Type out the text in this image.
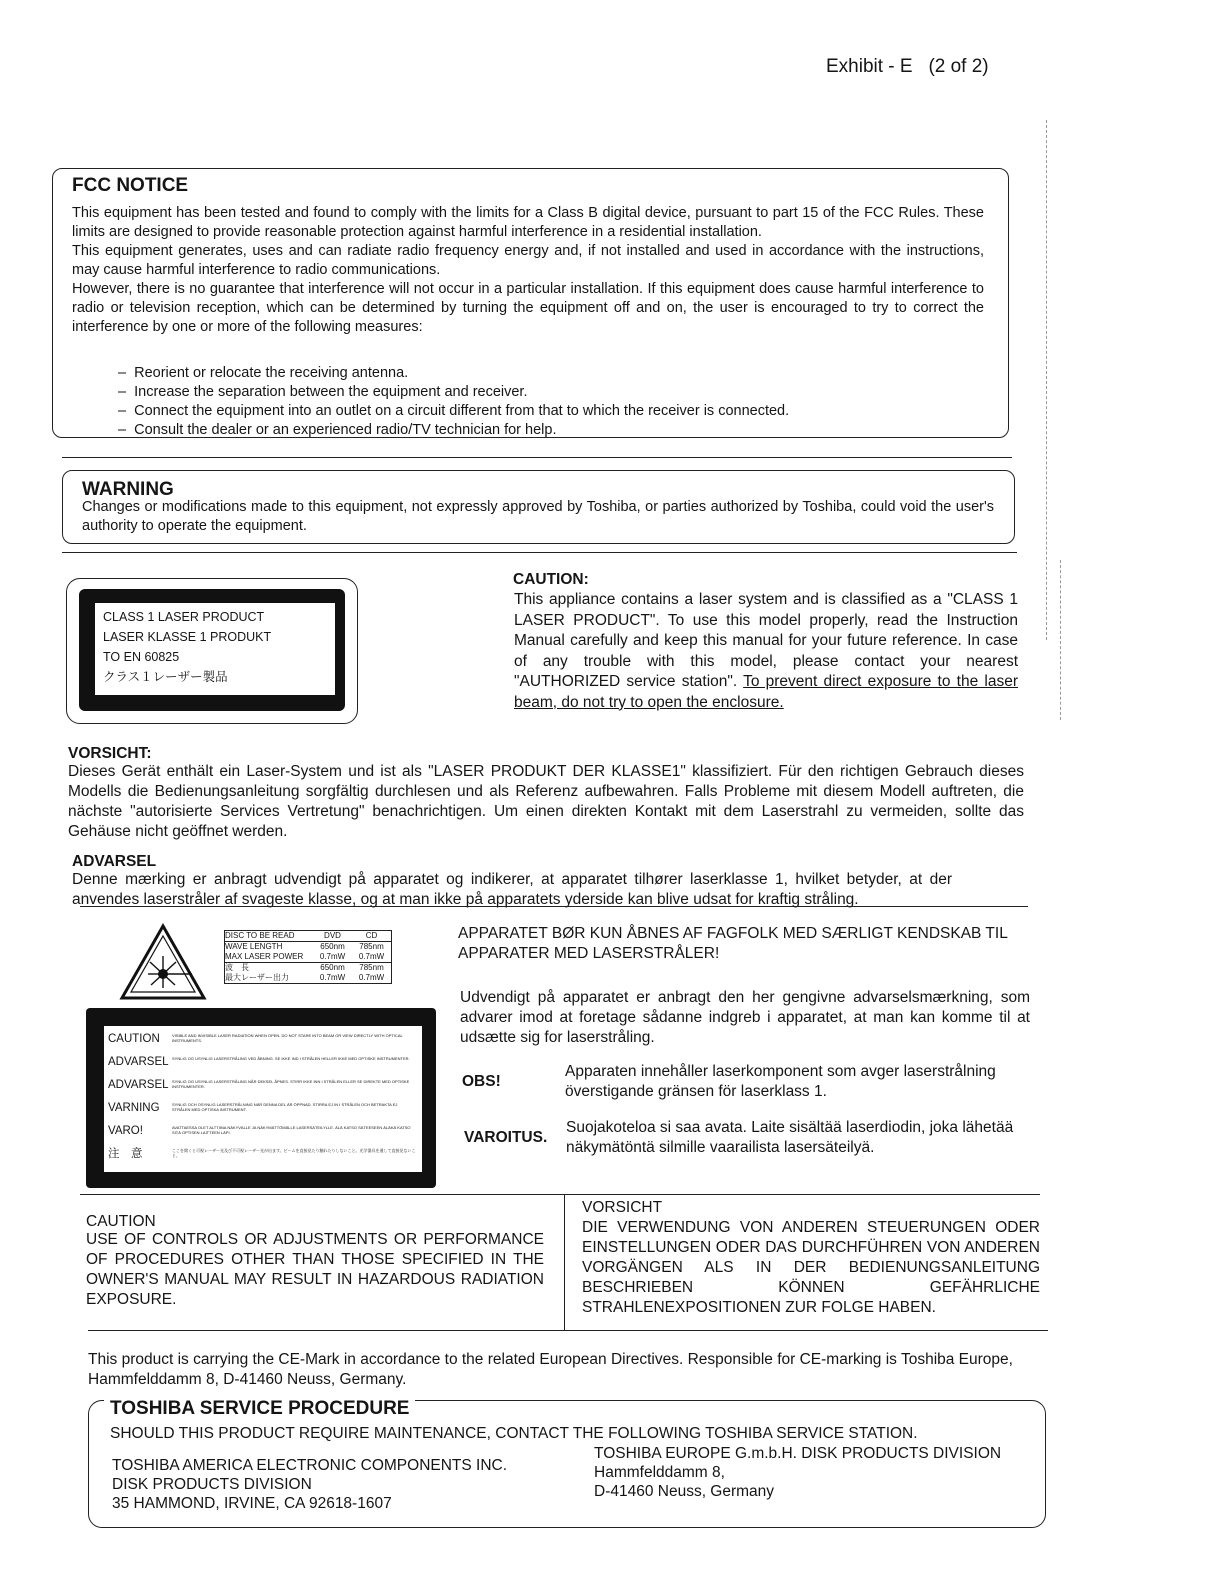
Exhibit - E (2 of 2)
FCC NOTICE
This equipment has been tested and found to comply with the limits for a Class B digital device, pursuant to part 15 of the FCC Rules. These limits are designed to provide reasonable protection against harmful interference in a residential installation.
This equipment generates, uses and can radiate radio frequency energy and, if not installed and used in accordance with the instructions, may cause harmful interference to radio communications.
However, there is no guarantee that interference will not occur in a particular installation. If this equipment does cause harmful interference to radio or television reception, which can be determined by turning the equipment off and on, the user is encouraged to try to correct the interference by one or more of the following measures:
–  Reorient or relocate the receiving antenna.
–  Increase the separation between the equipment and receiver.
–  Connect the equipment into an outlet on a circuit different from that to which the receiver is connected.
–  Consult the dealer or an experienced radio/TV technician for help.
WARNING
Changes or modifications made to this equipment, not expressly approved by Toshiba, or parties authorized by Toshiba, could void the user's authority to operate the equipment.
CLASS 1 LASER PRODUCT
LASER KLASSE 1 PRODUKT
TO EN 60825
クラス１レーザー製品
CAUTION:
This appliance contains a laser system and is classified as a "CLASS 1 LASER PRODUCT". To use this model properly, read the Instruction Manual carefully and keep this manual for your future reference. In case of any trouble with this model, please contact your nearest "AUTHORIZED service station". To prevent direct exposure to the laser beam, do not try to open the enclosure.
VORSICHT:
Dieses Gerät enthält ein Laser-System und ist als "LASER PRODUKT DER KLASSE1" klassifiziert. Für den richtigen Gebrauch dieses Modells die Bedienungsanleitung sorgfältig durchlesen und als Referenz aufbewahren. Falls Probleme mit diesem Modell auftreten, die nächste "autorisierte Services Vertretung" benachrichtigen. Um einen direkten Kontakt mit dem Laserstrahl zu vermeiden, sollte das Gehäuse nicht geöffnet werden.
ADVARSEL
Denne mærking er anbragt udvendigt på apparatet og indikerer, at apparatet tilhører laserklasse 1, hvilket betyder, at der anvendes laserstråler af svageste klasse, og at man ikke på apparatets yderside kan blive udsat for kraftig stråling.
DISC TO BE READ	DVD	CD
WAVE LENGTH	650nm	785nm
MAX LASER POWER	0.7mW	0.7mW
波　長	650nm	785nm
最大レーザー出力	0.7mW	0.7mW
CAUTION	VISIBLE AND INVISIBLE LASER RADIATION WHEN OPEN. DO NOT STARE INTO BEAM OR VIEW DIRECTLY WITH OPTICAL INSTRUMENTS.
ADVARSEL SYNLIG OG USYNLIG LASERSTRÅLING VED ÅBNING. SE IKKE IND I STRÅLEN HELLER IKKE MED OPTISKE INSTRUMENTER.
ADVARSEL SYNLIG OG USYNLIG LASERSTRÅLING NÅR DEKSEL ÅPNES. STIRR IKKE INN I STRÅLEN ELLER SE DIREKTE MED OPTISKE INSTRUMENTER.
VARNING	SYNLIG OCH OSYNLIG LASERSTRÅLNING NÄR DENNA DEL ÄR ÖPPNAD. STIRRA EJ IN I STRÅLEN OCH BETRAKTA EJ STRÅLEN MED OPTISKA INSTRUMENT.
VARO!	AVATTAESSA OLET ALTTIINA NÄKYVÄLLE JA NÄKYMÄTTÖMÄLLE LASERSÄTEILYLLE. ÄLÄ KATSO SÄTEESEEN ÄLÄKÄ KATSO SITÄ OPTISEN LAITTEEN LÄPI.
注　意	ここを開くと可視レーザー光及び不可視レーザー光が出ます。ビームを直接見たり触れたりしないこと。光学器具を通して直接見ないこと。
APPARATET BØR KUN ÅBNES AF FAGFOLK MED SÆRLIGT KENDSKAB TIL APPARATER MED LASERSTRÅLER!
Udvendigt på apparatet er anbragt den her gengivne advarselsmærkning, som advarer imod at foretage sådanne indgreb i apparatet, at man kan komme til at udsætte sig for laserstråling.
OBS!
Apparaten innehåller laserkomponent som avger laserstrålning överstigande gränsen för laserklass 1.
VAROITUS.
Suojakoteloa si saa avata. Laite sisältää laserdiodin, joka lähetää näkymätöntä silmille vaarailista lasersäteilyä.
CAUTION
USE OF CONTROLS OR ADJUSTMENTS OR PERFORMANCE OF PROCEDURES OTHER THAN THOSE SPECIFIED IN THE OWNER'S MANUAL MAY RESULT IN HAZARDOUS RADIATION EXPOSURE.
VORSICHT
DIE VERWENDUNG VON ANDEREN STEUERUNGEN ODER EINSTELLUNGEN ODER DAS DURCHFÜHREN VON ANDEREN VORGÄNGEN ALS IN DER BEDIENUNGSANLEITUNG BESCHRIEBEN KÖNNEN GEFÄHRLICHE STRAHLENEXPOSITIONEN ZUR FOLGE HABEN.
This product is carrying the CE-Mark in accordance to the related European Directives. Responsible for CE-marking is Toshiba Europe, Hammfelddamm 8, D-41460 Neuss, Germany.
TOSHIBA SERVICE PROCEDURE
SHOULD THIS PRODUCT REQUIRE MAINTENANCE, CONTACT THE FOLLOWING TOSHIBA SERVICE STATION.
TOSHIBA AMERICA ELECTRONIC COMPONENTS INC.
DISK PRODUCTS DIVISION
35 HAMMOND, IRVINE, CA 92618-1607
TOSHIBA EUROPE G.m.b.H. DISK PRODUCTS DIVISION
Hammfelddamm 8,
D-41460 Neuss, Germany
